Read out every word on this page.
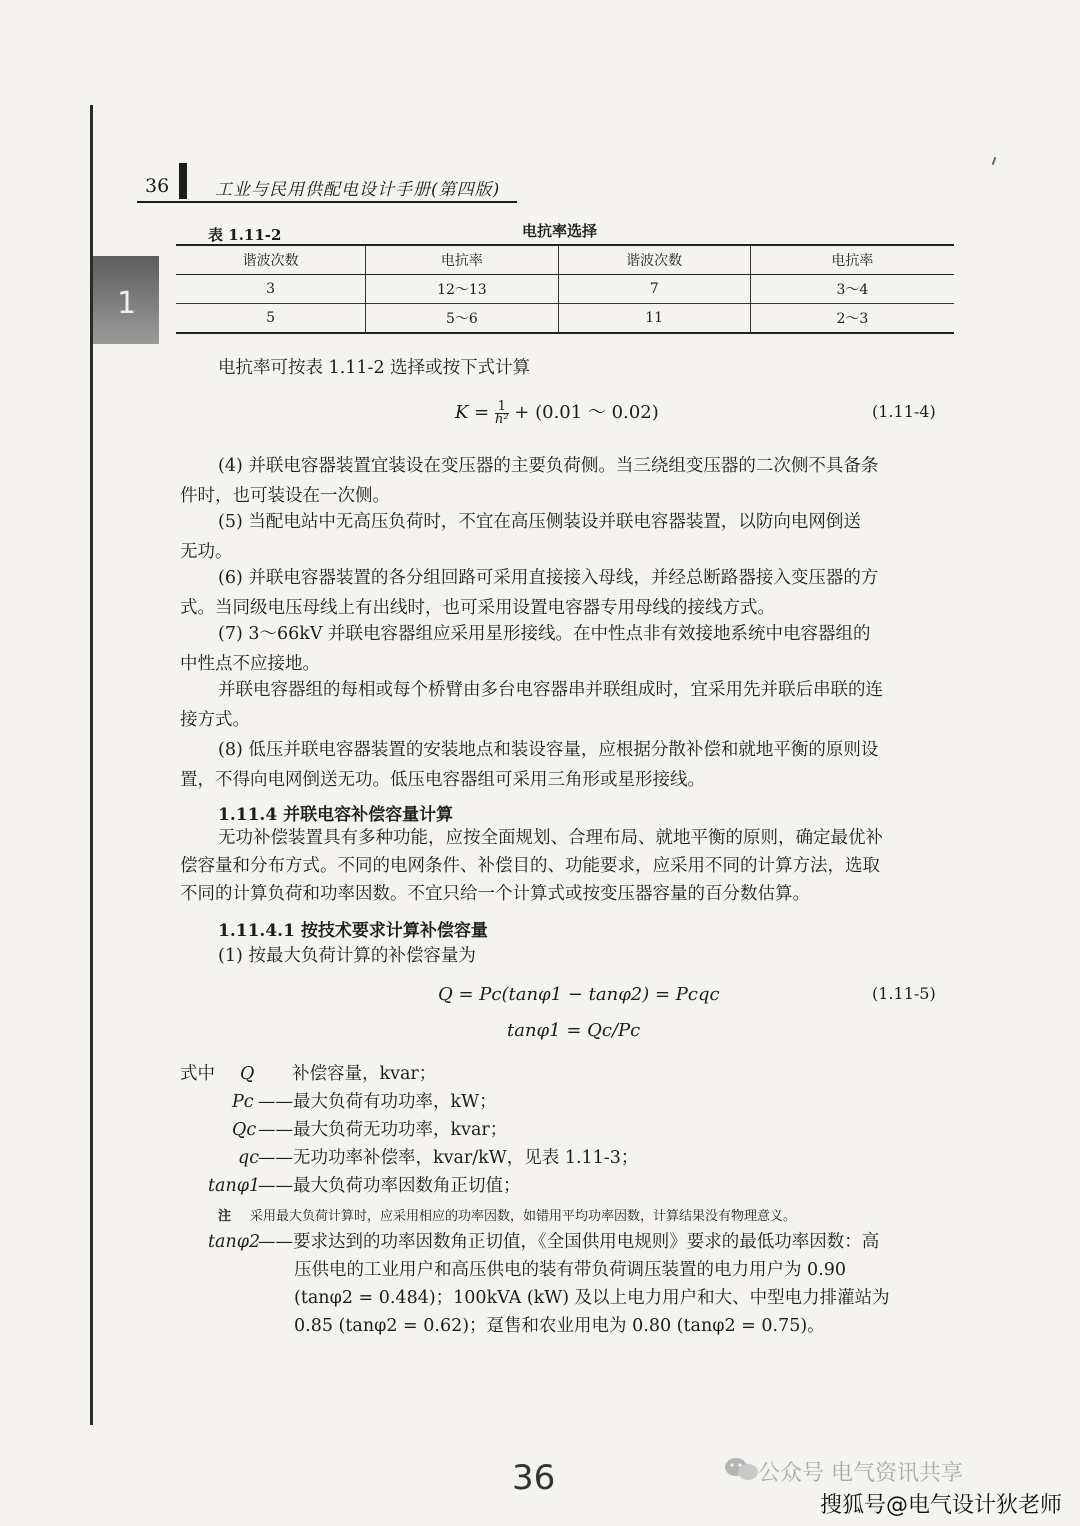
36	工业与民用供配电设计手册(第四版)
1
表 1.11-2	电抗率选择
谐波次数	电抗率	谐波次数	电抗率
3	12～13	7	3～4
5	5～6	11	2～3
电抗率可按表 1.11-2 选择或按下式计算
$K = \frac{1}{\text{h²}} + (0.01$ ～ 0.02)	(1.11-4)
(4) 并联电容器装置宜装设在变压器的主要负荷侧。当三绕组变压器的二次侧不具备条
件时，也可装设在一次侧。
(5) 当配电站中无高压负荷时，不宜在高压侧装设并联电容器装置，以防向电网倒送
无功。
(6) 并联电容器装置的各分组回路可采用直接接入母线，并经总断路器接入变压器的方
式。当同级电压母线上有出线时，也可采用设置电容器专用母线的接线方式。
(7) 3～66kV 并联电容器组应采用星形接线。在中性点非有效接地系统中电容器组的
中性点不应接地。
并联电容器组的每相或每个桥臂由多台电容器串并联组成时，宜采用先并联后串联的连
接方式。
(8) 低压并联电容器装置的安装地点和装设容量，应根据分散补偿和就地平衡的原则设
置，不得向电网倒送无功。低压电容器组可采用三角形或星形接线。
1.11.4 并联电容补偿容量计算
无功补偿装置具有多种功能，应按全面规划、合理布局、就地平衡的原则，确定最优补
偿容量和分布方式。不同的电网条件、补偿目的、功能要求，应采用不同的计算方法，选取
不同的计算负荷和功率因数。不宜只给一个计算式或按变压器容量的百分数估算。
1.11.4.1 按技术要求计算补偿容量
(1) 按最大负荷计算的补偿容量为
Q = Pc(tanφ1 − tanφ2) = Pcqc	(1.11-5)
tanφ1 = Qc/Pc
式中 Q 补偿容量，kvar；
Pc ——最大负荷有功功率，kW；
Qc ——最大负荷无功功率，kvar；
qc
——无功功率补偿率，kvar/kW，见表 1.11-3；
tanφ1
——最大负荷功率因数角正切值；
注 采用最大负荷计算时，应采用相应的功率因数，如错用平均功率因数，计算结果没有物理意义。
tanφ2
——要求达到的功率因数角正切值，《全国供用电规则》要求的最低功率因数：高
压供电的工业用户和高压供电的装有带负荷调压装置的电力用户为 0.90
(tanφ2 = 0.484)；100kVA (kW) 及以上电力用户和大、中型电力排灌站为
0.85 (tanφ2 = 0.62)；趸售和农业用电为 0.80 (tanφ2 = 0.75)。
36	公众号 电气资讯共享
搜狐号@电气设计狄老师
